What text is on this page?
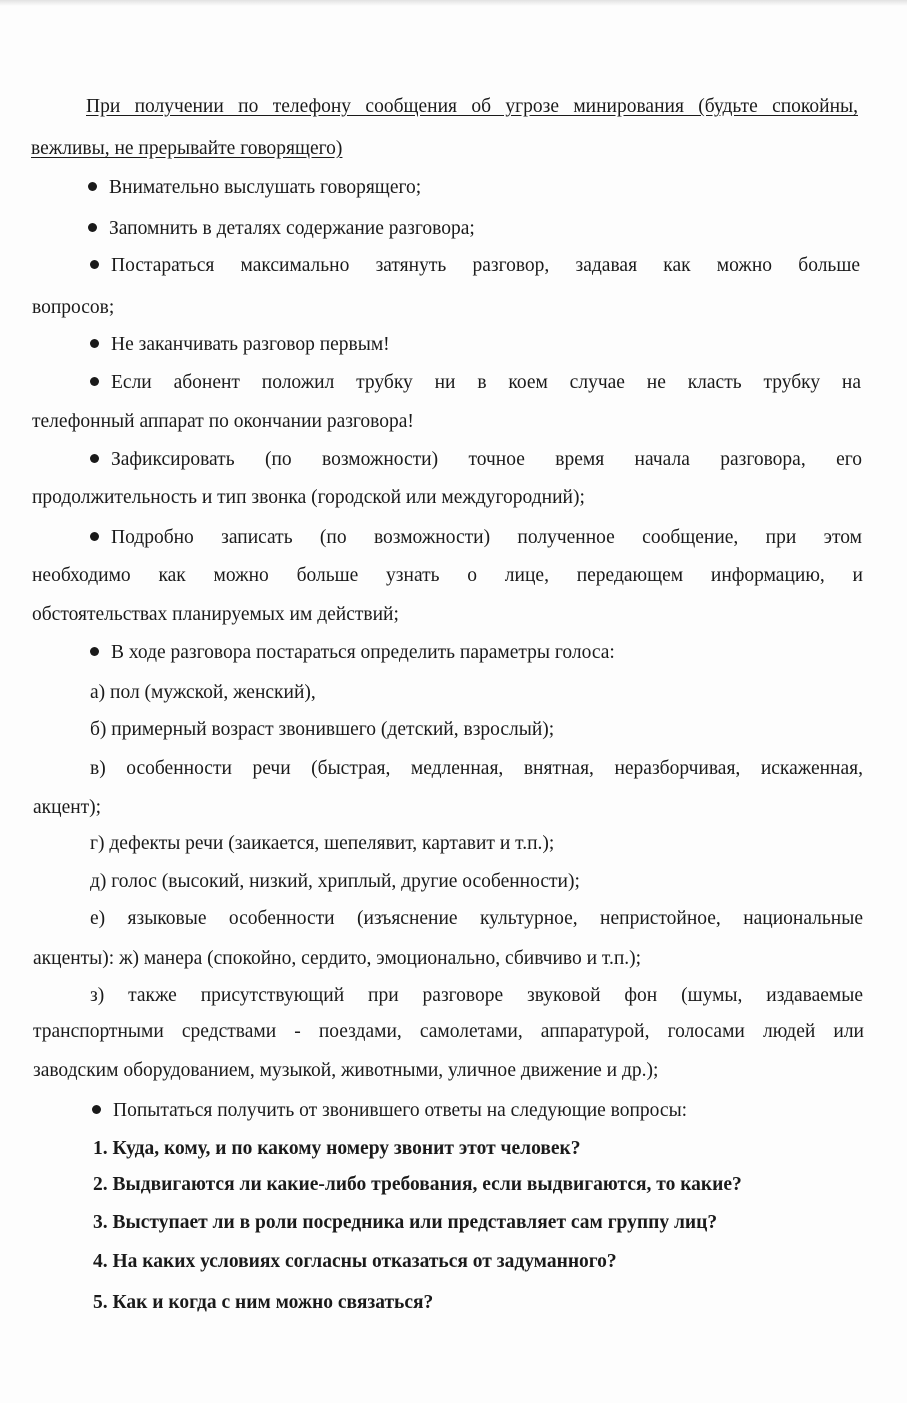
При получении по телефону сообщения об угрозе минирования (будьте спокойны,
вежливы, не прерывайте говорящего)
Внимательно выслушать говорящего;
Запомнить в деталях содержание разговора;
Постараться максимально затянуть разговор, задавая как можно больше
вопросов;
Не заканчивать разговор первым!
Если абонент положил трубку ни в коем случае не класть трубку на
телефонный аппарат по окончании разговора!
Зафиксировать (по возможности) точное время начала разговора, его
продолжительность и тип звонка (городской или междугородний);
Подробно записать (по возможности) полученное сообщение, при этом
необходимо как можно больше узнать о лице, передающем информацию, и
обстоятельствах планируемых им действий;
В ходе разговора постараться определить параметры голоса:
а) пол (мужской, женский),
б) примерный возраст звонившего (детский, взрослый);
в) особенности речи (быстрая, медленная, внятная, неразборчивая, искаженная,
акцент);
г) дефекты речи (заикается, шепелявит, картавит и т.п.);
д) голос (высокий, низкий, хриплый, другие особенности);
е) языковые особенности (изъяснение культурное, непристойное, национальные
акценты): ж) манера (спокойно, сердито, эмоционально, сбивчиво и т.п.);
з) также присутствующий при разговоре звуковой фон (шумы, издаваемые
транспортными средствами - поездами, самолетами, аппаратурой, голосами людей или
заводским оборудованием, музыкой, животными, уличное движение и др.);
Попытаться получить от звонившего ответы на следующие вопросы:
1. Куда, кому, и по какому номеру звонит этот человек?
2. Выдвигаются ли какие-либо требования, если выдвигаются, то какие?
3. Выступает ли в роли посредника или представляет сам группу лиц?
4. На каких условиях согласны отказаться от задуманного?
5. Как и когда с ним можно связаться?
